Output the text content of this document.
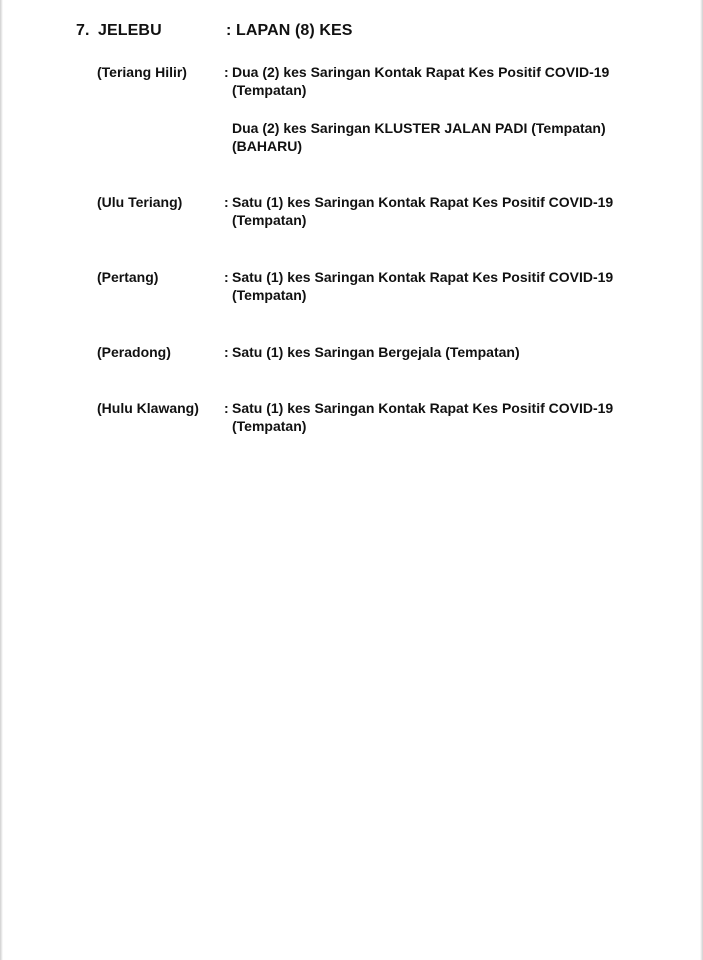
7. JELEBU	: LAPAN (8) KES
(Teriang Hilir)	: Dua (2) kes Saringan Kontak Rapat Kes Positif COVID-19 (Tempatan)

Dua (2) kes Saringan KLUSTER JALAN PADI (Tempatan) (BAHARU)

(Ulu Teriang)	: Satu (1) kes Saringan Kontak Rapat Kes Positif COVID-19 (Tempatan)

(Pertang)	: Satu (1) kes Saringan Kontak Rapat Kes Positif COVID-19 (Tempatan)

(Peradong)	: Satu (1) kes Saringan Bergejala (Tempatan)

(Hulu Klawang) : Satu (1) kes Saringan Kontak Rapat Kes Positif COVID-19 (Tempatan)
